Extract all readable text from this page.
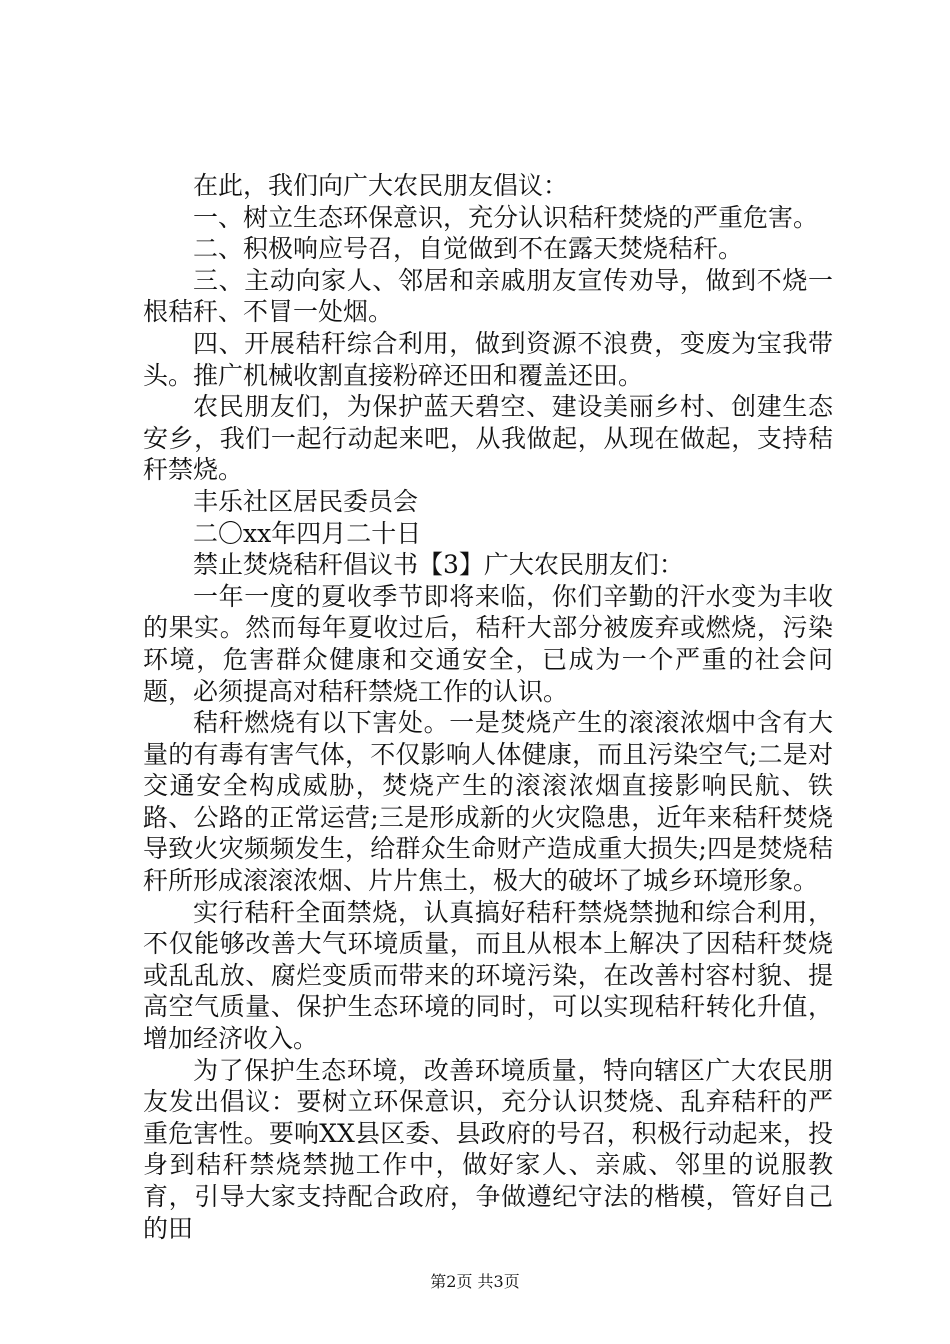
在此，我们向广大农民朋友倡议：

一、树立生态环保意识，充分认识秸秆焚烧的严重危害。

二、积极响应号召，自觉做到不在露天焚烧秸秆。

三、主动向家人、邻居和亲戚朋友宣传劝导，做到不烧一根秸秆、不冒一处烟。

四、开展秸秆综合利用，做到资源不浪费，变废为宝我带头。推广机械收割直接粉碎还田和覆盖还田。

农民朋友们，为保护蓝天碧空、建设美丽乡村、创建生态安乡，我们一起行动起来吧，从我做起，从现在做起，支持秸秆禁烧。

丰乐社区居民委员会

二〇xx年四月二十日

禁止焚烧秸秆倡议书【3】广大农民朋友们：

一年一度的夏收季节即将来临，你们辛勤的汗水变为丰收的果实。然而每年夏收过后，秸秆大部分被废弃或燃烧，污染环境，危害群众健康和交通安全，已成为一个严重的社会问题，必须提高对秸秆禁烧工作的认识。

秸秆燃烧有以下害处。一是焚烧产生的滚滚浓烟中含有大量的有毒有害气体，不仅影响人体健康，而且污染空气;二是对交通安全构成威胁，焚烧产生的滚滚浓烟直接影响民航、铁路、公路的正常运营;三是形成新的火灾隐患，近年来秸秆焚烧导致火灾频频发生，给群众生命财产造成重大损失;四是焚烧秸秆所形成滚滚浓烟、片片焦土，极大的破坏了城乡环境形象。

实行秸秆全面禁烧，认真搞好秸秆禁烧禁抛和综合利用，不仅能够改善大气环境质量，而且从根本上解决了因秸秆焚烧或乱乱放、腐烂变质而带来的环境污染，在改善村容村貌、提高空气质量、保护生态环境的同时，可以实现秸秆转化升值，增加经济收入。

为了保护生态环境，改善环境质量，特向辖区广大农民朋友发出倡议：要树立环保意识，充分认识焚烧、乱弃秸秆的严重危害性。要响XX县区委、县政府的号召，积极行动起来，投身到秸秆禁烧禁抛工作中，做好家人、亲戚、邻里的说服教育，引导大家支持配合政府，争做遵纪守法的楷模，管好自己的田

第2页 共3页
